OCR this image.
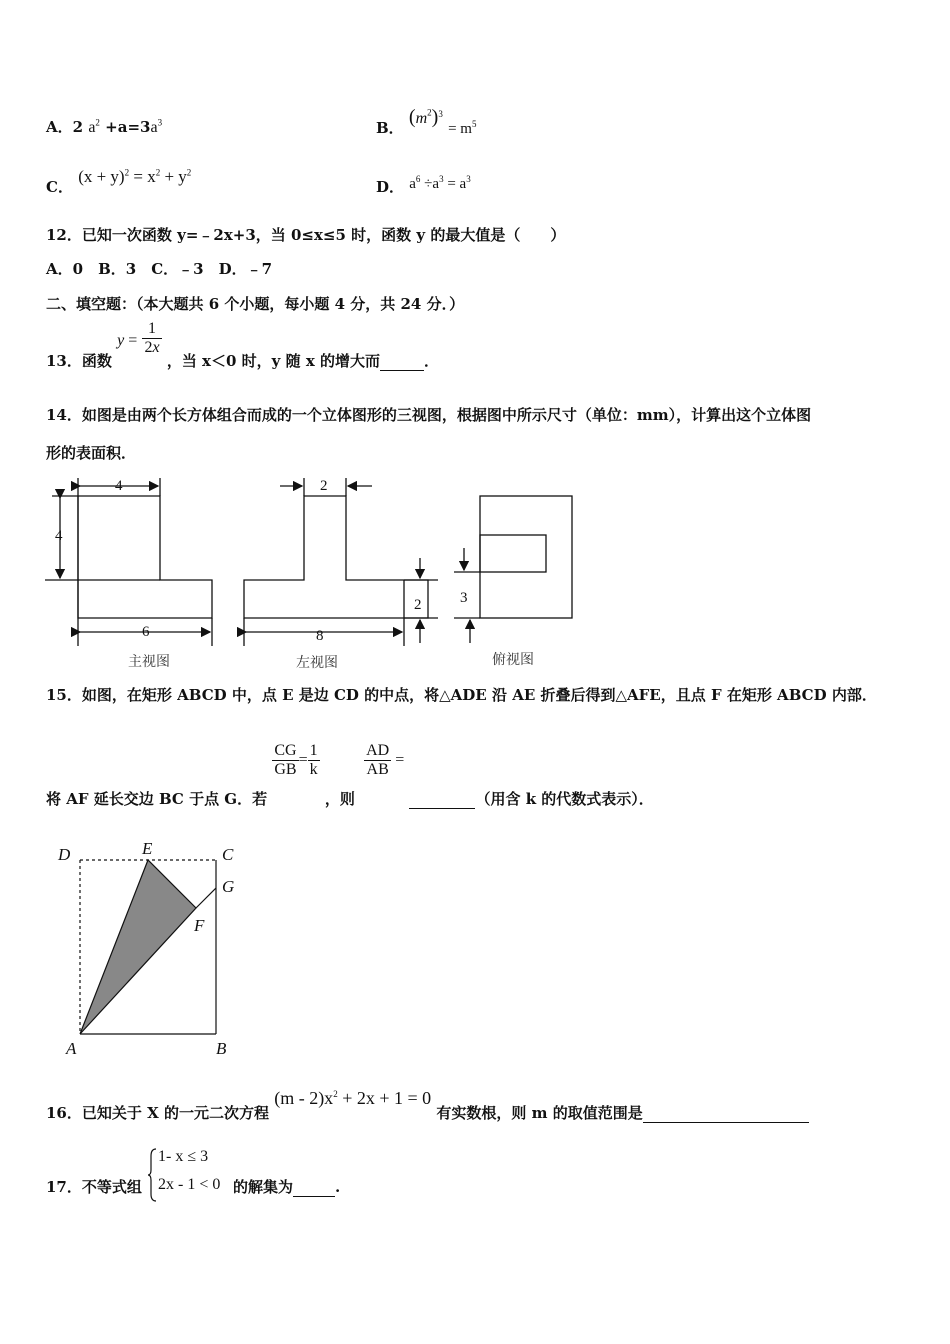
A．2 $a^2 +a=3a^3$	B． $(m^2)^3 = m^5$
C． $(x + y)^2 = x^2 + y^2$
D． $a^6 \div a^3 = a^3$
12．已知一次函数 y=﹣2x+3，当 0≤x≤5 时，函数 y 的最大值是（　　）
A．0　B．3　C．﹣3　D．﹣7
二、填空题：（本大题共 6 个小题，每小题 4 分，共 24 分．）
13．函数 $y = \frac{1}{2x}$
，当 x＜0 时，y 随 x 的增大而	．
14．如图是由两个长方体组合而成的一个立体图形的三视图，根据图中所示尺寸（单位：mm），计算出这个立体图
形的表面积．
4
4
6
2
2
8
3
主视图	左视图	俯视图
15．如图，在矩形 ABCD 中，点 E 是边 CD 的中点，将△ADE 沿 AE 折叠后得到△AFE，且点 F 在矩形 ABCD 内部．
将 AF 延长交边 BC 于点 G．若
$\frac{CG}{GB} = \frac{1}{k}$
，则
$\frac{AD}{AB}$ =  （用含 k 的代数式表示）．
D	E	C
G
F
A	B
16．已知关于 X 的一元二次方程 $(m - 2)x^2 + 2x + 1 = 0$ 有实数根，则 m 的取值范围是
17．不等式组
1- x ≤ 3
2x - 1 < 0 的解集为	.
